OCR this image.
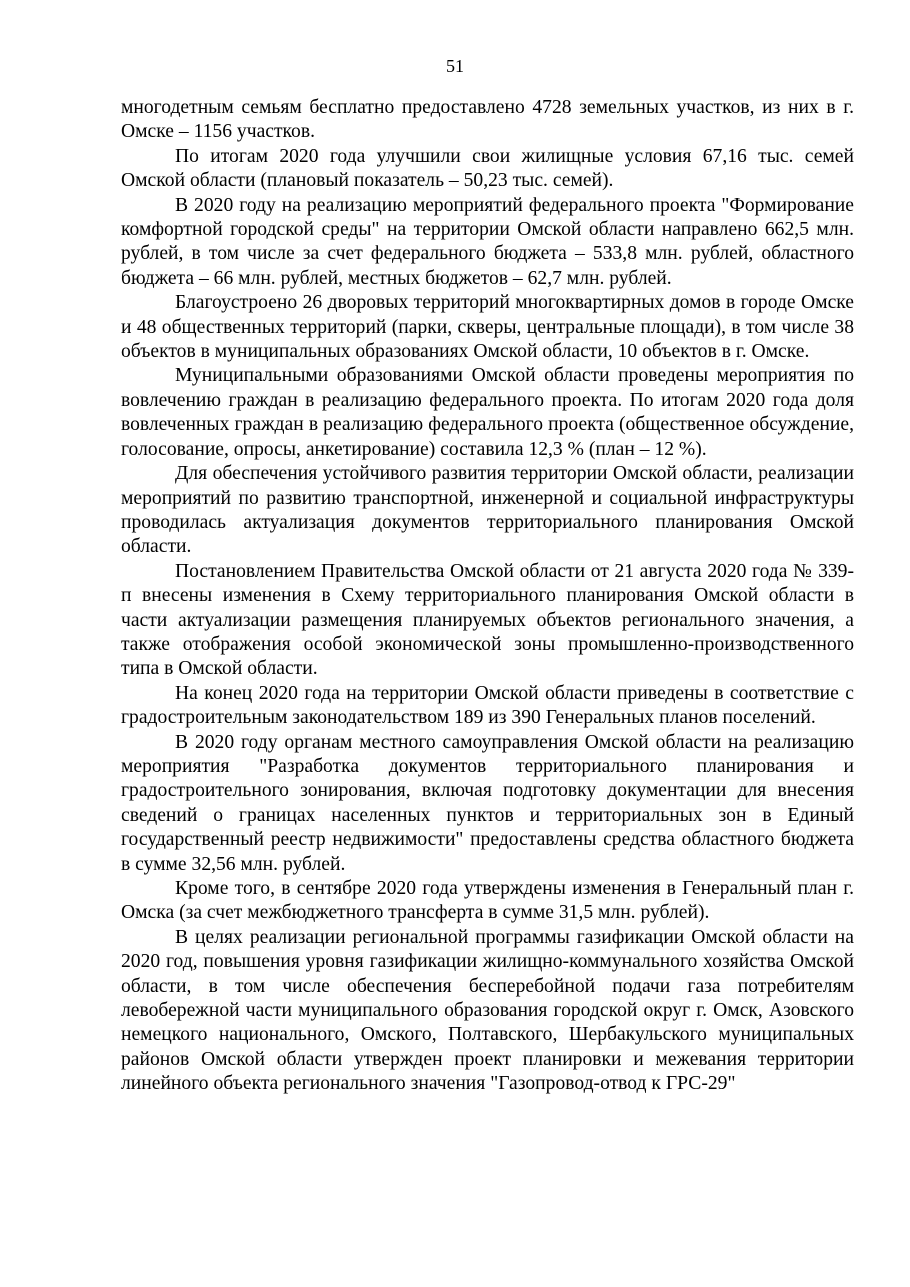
51

многодетным семьям бесплатно предоставлено 4728 земельных участков, из них в г. Омске – 1156 участков.

По итогам 2020 года улучшили свои жилищные условия 67,16 тыс. семей Омской области (плановый показатель – 50,23 тыс. семей).

В 2020 году на реализацию мероприятий федерального проекта "Формирование комфортной городской среды" на территории Омской области направлено 662,5 млн. рублей, в том числе за счет федерального бюджета – 533,8 млн. рублей, областного бюджета – 66 млн. рублей, местных бюджетов – 62,7 млн. рублей.

Благоустроено 26 дворовых территорий многоквартирных домов в городе Омске и 48 общественных территорий (парки, скверы, центральные площади), в том числе 38 объектов в муниципальных образованиях Омской области, 10 объектов в г. Омске.

Муниципальными образованиями Омской области проведены мероприятия по вовлечению граждан в реализацию федерального проекта. По итогам 2020 года доля вовлеченных граждан в реализацию федерального проекта (общественное обсуждение, голосование, опросы, анкетирование) составила 12,3 % (план – 12 %).

Для обеспечения устойчивого развития территории Омской области, реализации мероприятий по развитию транспортной, инженерной и социальной инфраструктуры проводилась актуализация документов территориального планирования Омской области.

Постановлением Правительства Омской области от 21 августа 2020 года № 339-п внесены изменения в Схему территориального планирования Омской области в части актуализации размещения планируемых объектов регионального значения, а также отображения особой экономической зоны промышленно-производственного типа в Омской области.

На конец 2020 года на территории Омской области приведены в соответствие с градостроительным законодательством 189 из 390 Генеральных планов поселений.

В 2020 году органам местного самоуправления Омской области на реализацию мероприятия "Разработка документов территориального планирования и градостроительного зонирования, включая подготовку документации для внесения сведений о границах населенных пунктов и территориальных зон в Единый государственный реестр недвижимости" предоставлены средства областного бюджета в сумме 32,56 млн. рублей.

Кроме того, в сентябре 2020 года утверждены изменения в Генеральный план г. Омска (за счет межбюджетного трансферта в сумме 31,5 млн. рублей).

В целях реализации региональной программы газификации Омской области на 2020 год, повышения уровня газификации жилищно-коммунального хозяйства Омской области, в том числе обеспечения бесперебойной подачи газа потребителям левобережной части муниципального образования городской округ г. Омск, Азовского немецкого национального, Омского, Полтавского, Шербакульского муниципальных районов Омской области утвержден проект планировки и межевания территории линейного объекта регионального значения "Газопровод-отвод к ГРС-29"
